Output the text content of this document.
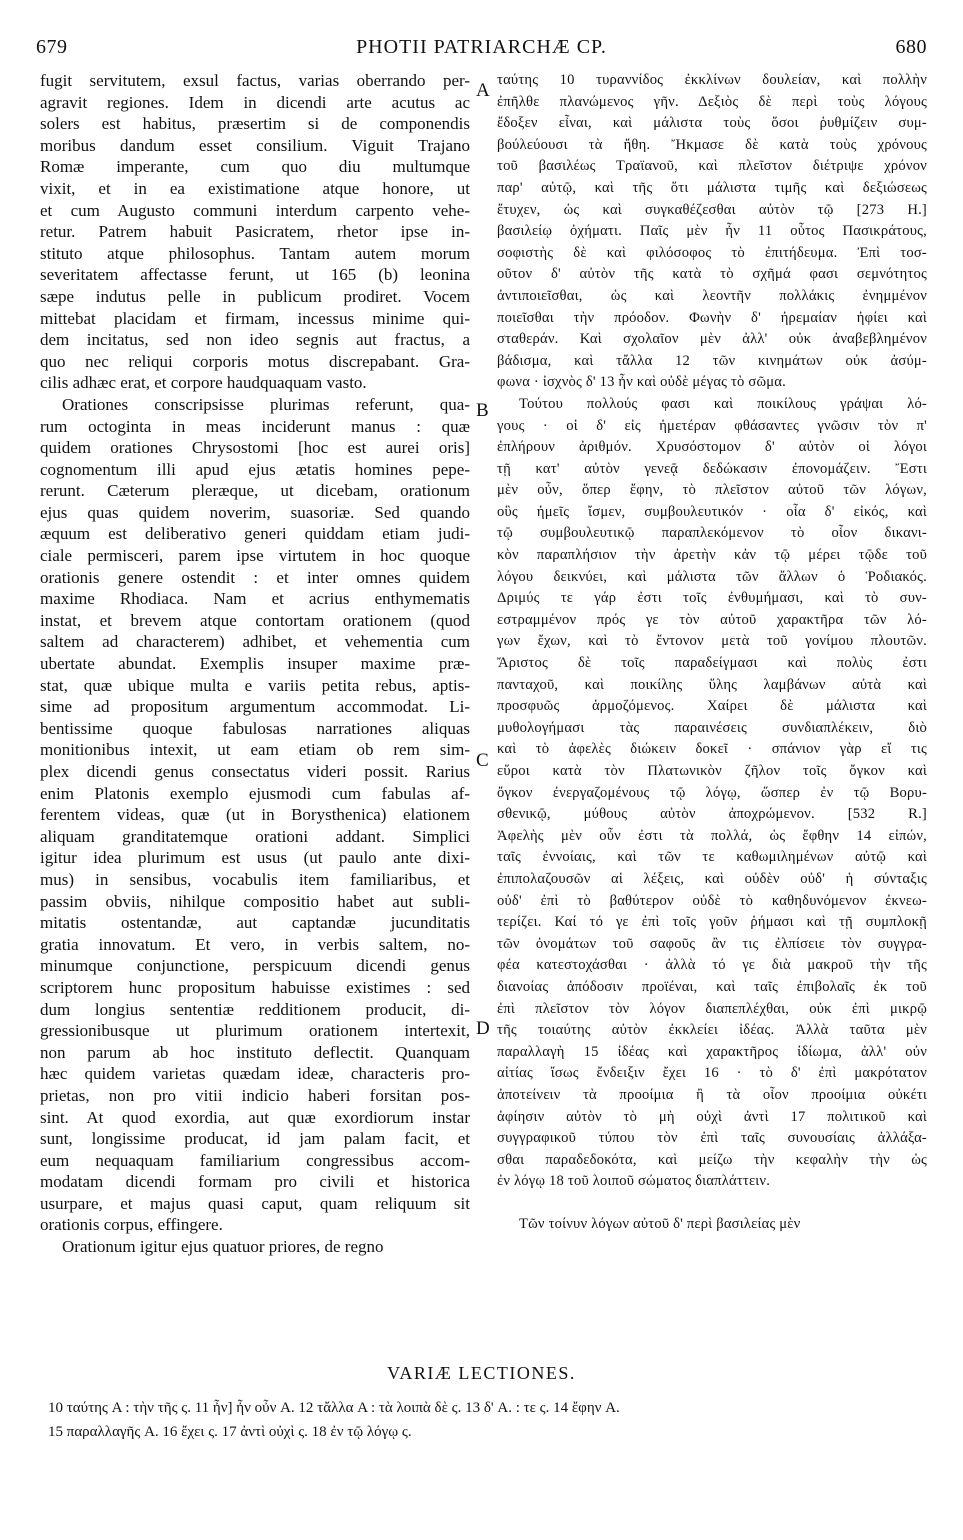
679	PHOTII PATRIARCHÆ CP.	680
fugit servitutem, exsul factus, varias oberrando per-
agravit regiones. Idem in dicendi arte acutus ac
solers est habitus, præsertim si de componendis
moribus dandum esset consilium. Viguit Trajano
Romæ imperante, cum quo diu multumque
vixit, et in ea existimatione atque honore, ut
et cum Augusto communi interdum carpento vehe-
retur. Patrem habuit Pasicratem, rhetor ipse in-
stituto atque philosophus. Tantam autem morum
severitatem affectasse ferunt, ut 165 (b) leonina
sæpe indutus pelle in publicum prodiret. Vocem
mittebat placidam et firmam, incessus minime qui-
dem incitatus, sed non ideo segnis aut fractus, a
quo nec reliqui corporis motus discrepabant. Gra-
cilis adhæc erat, et corpore haudquaquam vasto.
Orationes conscripsisse plurimas referunt, qua-
rum octoginta in meas inciderunt manus : quæ
quidem orationes Chrysostomi [hoc est aurei oris]
cognomentum illi apud ejus ætatis homines pepe-
rerunt. Cæterum pleræque, ut dicebam, orationum
ejus quas quidem noverim, suasoriæ. Sed quando
æquum est deliberativo generi quiddam etiam judi-
ciale permisceri, parem ipse virtutem in hoc quoque
orationis genere ostendit : et inter omnes quidem
maxime Rhodiaca. Nam et acrius enthymematis
instat, et brevem atque contortam orationem (quod
saltem ad characterem) adhibet, et vehementia cum
ubertate abundat. Exemplis insuper maxime præ-
stat, quæ ubique multa e variis petita rebus, aptis-
sime ad propositum argumentum accommodat. Li-
bentissime quoque fabulosas narrationes aliquas
monitionibus intexit, ut eam etiam ob rem sim-
plex dicendi genus consectatus videri possit. Rarius
enim Platonis exemplo ejusmodi cum fabulas af-
ferentem videas, quæ (ut in Borysthenica) elationem
aliquam granditatemque orationi addant. Simplici
igitur idea plurimum est usus (ut paulo ante dixi-
mus) in sensibus, vocabulis item familiaribus, et
passim obviis, nihilque compositio habet aut subli-
mitatis ostentandæ, aut captandæ jucunditatis
gratia innovatum. Et vero, in verbis saltem, no-
minumque conjunctione, perspicuum dicendi genus
scriptorem hunc propositum habuisse existimes : sed
dum longius sententiæ redditionem producit, di-
gressionibusque ut plurimum orationem intertexit,
non parum ab hoc instituto deflectit. Quanquam
hæc quidem varietas quædam ideæ, characteris pro-
prietas, non pro vitii indicio haberi forsitan pos-
sint. At quod exordia, aut quæ exordiorum instar
sunt, longissime producat, id jam palam facit, et
eum nequaquam familiarium congressibus accom-
modatam dicendi formam pro civili et historica
usurpare, et majus quasi caput, quam reliquum sit
orationis corpus, effingere.
Orationum igitur ejus quatuor priores, de regno
ταύτης 10 τυραννίδος ἐκκλίνων δουλείαν, καὶ πολλὴν
ἐπῆλθε πλανώμενος γῆν. Δεξιὸς δὲ περὶ τοὺς λόγους
ἔδοξεν εἶναι, καὶ μάλιστα τοὺς ὅσοι ῥυθμίζειν συμ-
βούλεύουσι τὰ ἤθη. Ἤκμασε δὲ κατὰ τοὺς χρόνους
τοῦ βασιλέως Τραϊανοῦ, καὶ πλεῖστον διέτριψε χρόνον
παρ' αὐτῷ, καὶ τῆς ὅτι μάλιστα τιμῆς καὶ δεξιώσεως
ἔτυχεν, ὡς καὶ συγκαθέζεσθαι αὐτὸν τῷ [273 H.]
βασιλείῳ ὀχήματι. Παῖς μὲν ἦν 11 οὗτος Πασικράτους,
σοφιστὴς δὲ καὶ φιλόσοφος τὸ ἐπιτήδευμα. Ἐπὶ τοσ-
οῦτον δ' αὐτὸν τῆς κατὰ τὸ σχῆμά φασι σεμνότητος
ἀντιποιεῖσθαι, ὡς καὶ λεοντῆν πολλάκις ἐνημμένον
ποιεῖσθαι τὴν πρόοδον. Φωνὴν δ' ἠρεμαίαν ἠφίει καὶ
σταθεράν. Καὶ σχολαῖον μὲν ἀλλ' οὐκ ἀναβεβλημένον
βάδισμα, καὶ τἄλλα 12 τῶν κινημάτων οὐκ ἀσύμ-
φωνα · ἰσχνὸς δ' 13 ἦν καὶ οὐδὲ μέγας τὸ σῶμα.
Τούτου πολλούς φασι καὶ ποικίλους γράψαι λό-
γους · οἱ δ' εἰς ἡμετέραν φθάσαντες γνῶσιν τὸν π'
ἐπλήρουν ἀριθμόν. Χρυσόστομον δ' αὐτὸν οἱ λόγοι
τῇ κατ' αὐτὸν γενεᾷ δεδώκασιν ἐπονομάζειν. Ἔστι
μὲν οὖν, ὅπερ ἔφην, τὸ πλεῖστον αὐτοῦ τῶν λόγων,
οὓς ἡμεῖς ἴσμεν, συμβουλευτικόν · οἷα δ' εἰκός, καὶ
τῷ συμβουλευτικῷ παραπλεκόμενον τὸ οἷον δικανι-
κὸν παραπλήσιον τὴν ἀρετὴν κἀν τῷ μέρει τῷδε τοῦ
λόγου δεικνύει, καὶ μάλιστα τῶν ἄλλων ὁ Ῥοδιακός.
Δριμύς τε γάρ ἐστι τοῖς ἐνθυμήμασι, καὶ τὸ συν-
εστραμμένον πρός γε τὸν αὐτοῦ χαρακτῆρα τῶν λό-
γων ἔχων, καὶ τὸ ἔντονον μετὰ τοῦ γονίμου πλουτῶν.
Ἄριστος δὲ τοῖς παραδείγμασι καὶ πολὺς ἐστι
πανταχοῦ, καὶ ποικίλης ὕλης λαμβάνων αὐτὰ καὶ
προσφυῶς ἁρμοζόμενος. Χαίρει δὲ μάλιστα καὶ
μυθολογήμασι τὰς παραινέσεις συνδιαπλέκειν, διὸ
καὶ τὸ ἀφελὲς διώκειν δοκεῖ · σπάνιον γὰρ εἴ τις
εὕροι κατὰ τὸν Πλατωνικὸν ζῆλον τοῖς ὄγκον καὶ
ὄγκον ἐνεργαζομένους τῷ λόγῳ, ὥσπερ ἐν τῷ Βορυ-
σθενικῷ, μύθους αὐτὸν ἀποχρώμενον. [532 R.]
Ἀφελὴς μὲν οὖν ἐστι τὰ πολλά, ὡς ἔφθην 14 εἰπών,
ταῖς ἐννοίαις, καὶ τῶν τε καθωμιλημένων αὐτῷ καὶ
ἐπιπολαζουσῶν αἱ λέξεις, καὶ οὐδὲν οὐδ' ἡ σύνταξις
οὐδ' ἐπὶ τὸ βαθύτερον οὐδὲ τὸ καθηδυνόμενον ἐκνεω-
τερίζει. Καί τό γε ἐπὶ τοῖς γοῦν ῥήμασι καὶ τῇ συμπλοκῇ
τῶν ὀνομάτων τοῦ σαφοῦς ἂν τις ἐλπίσειε τὸν συγγρα-
φέα κατεστοχάσθαι · ἀλλὰ τό γε διὰ μακροῦ τὴν τῆς
διανοίας ἀπόδοσιν προϊέναι, καὶ ταῖς ἐπιβολαῖς ἐκ τοῦ
ἐπὶ πλεῖστον τὸν λόγον διαπεπλέχθαι, οὐκ ἐπὶ μικρῷ
τῆς τοιαύτης αὐτὸν ἐκκλείει ἰδέας. Ἀλλὰ ταῦτα μὲν
παραλλαγὴ 15 ἰδέας καὶ χαρακτῆρος ἰδίωμα, ἀλλ' οὐν
αἰτίας ἴσως ἔνδειξιν ἔχει 16 · τὸ δ' ἐπὶ μακρότατον
ἀποτείνειν τὰ προοίμια ἢ τὰ οἷον προοίμια οὐκέτι
ἀφίησιν αὐτὸν τὸ μὴ οὐχὶ ἀντὶ 17 πολιτικοῦ καὶ
συγγραφικοῦ τύπου τὸν ἐπὶ ταῖς συνουσίαις ἀλλάξα-
σθαι παραδεδοκότα, καὶ μείζω τὴν κεφαλὴν τὴν ὡς
ἐν λόγῳ 18 τοῦ λοιποῦ σώματος διαπλάττειν.
Τῶν τοίνυν λόγων αὐτοῦ δ' περὶ βασιλείας μὲν
A
B
C
D
VARIÆ LECTIONES.
10 ταύτης A : τὴν τῆς ς. 11 ἦν] ἦν οὖν A. 12 τἄλλα A : τὰ λοιπὰ δὲ ς. 13 δ' A. : τε ς. 14 ἔφην A.
15 παραλλαγῆς A. 16 ἔχει ς. 17 ἀντὶ οὐχὶ ς. 18 ἐν τῷ λόγῳ ς.
